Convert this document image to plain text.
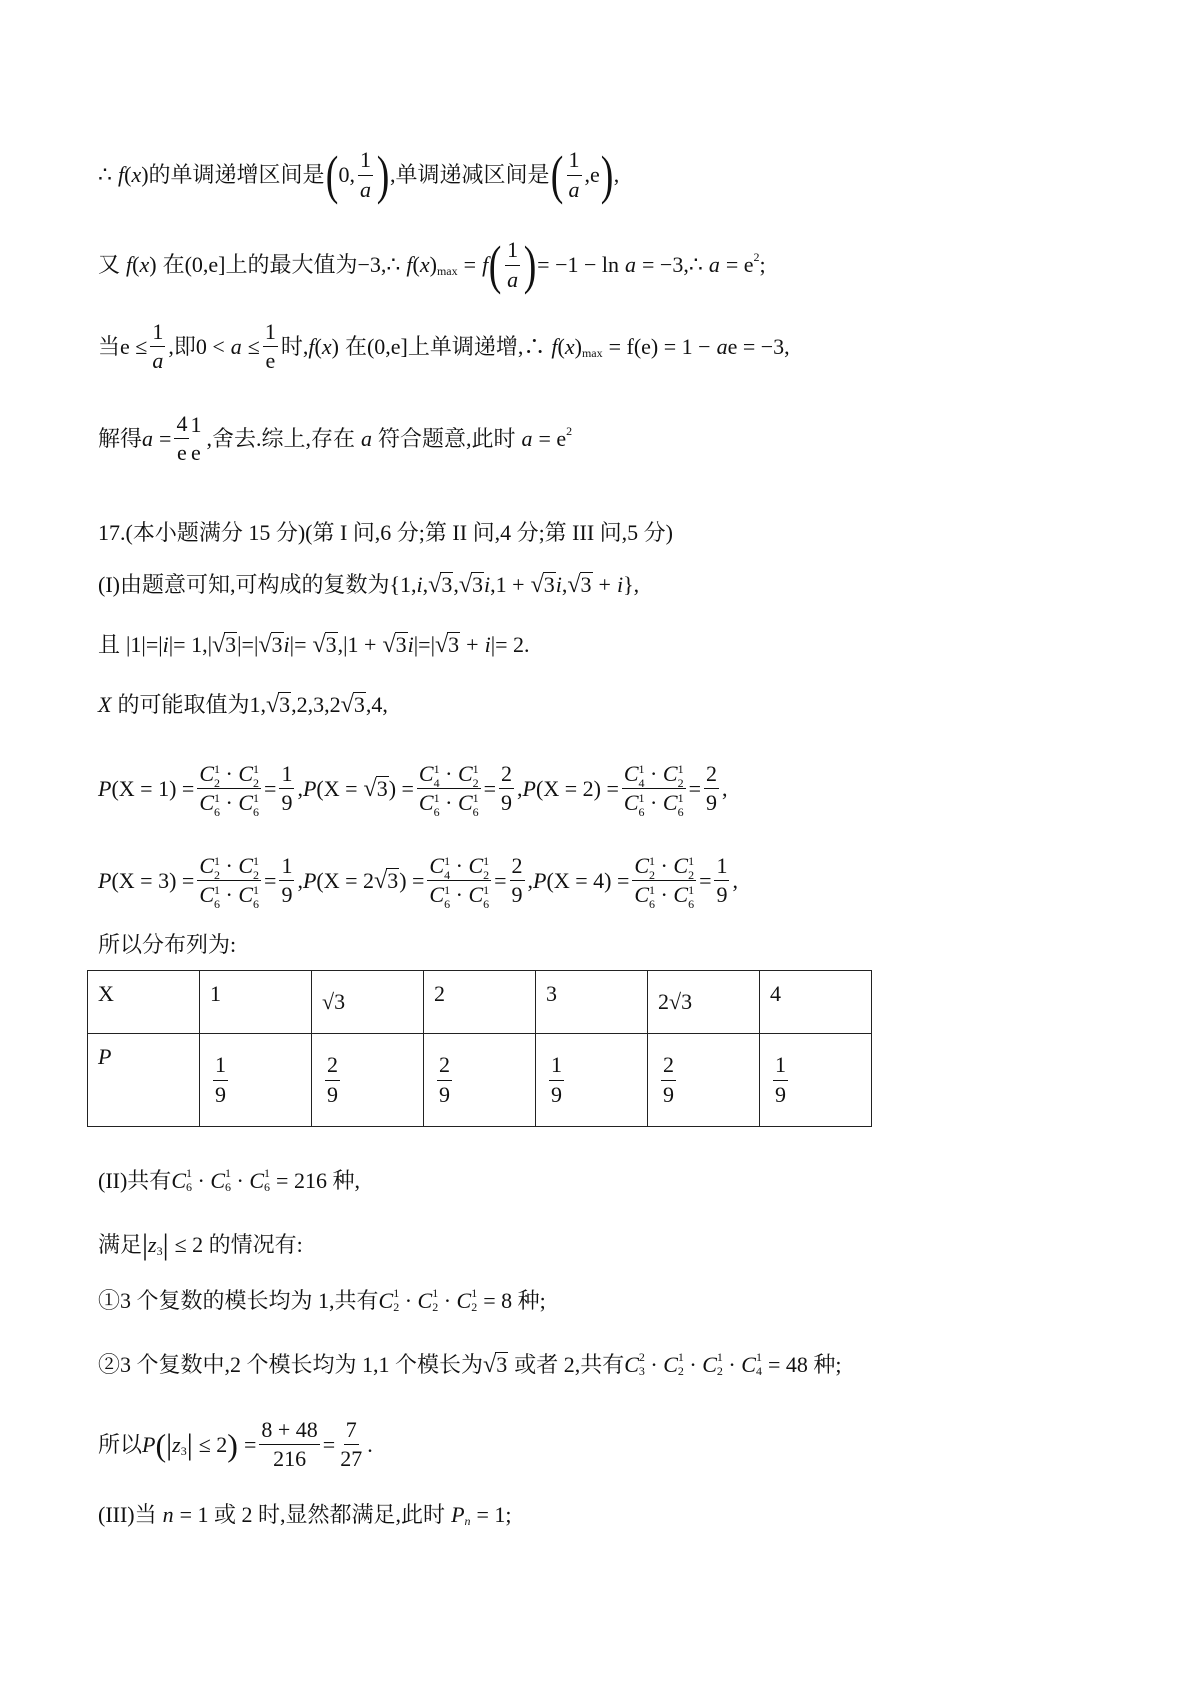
∴ f ( x ) 的单调递增区间是 ( 0, $\frac{1}{a}$ ) ,单调递减区间是 ( $\frac{1}{a} ,e$ ) ,
又 f ( x ) 在 (0,e] 上的最大值为 −3,∴ f ( x ) max = f ( $\frac{1}{a}$ ) = −1 − ln a = −3,∴ a = e 2 ;
当 $e \le \frac{1}{a}$ ,即 $0 < a \le \frac{1}{e}$ 时, f ( x ) 在 (0,e] 上单调递增,∴ f ( x ) max = f(e) = 1 − a e = −3 ,
解得 $a = \frac{4}{e} 1$
e
,舍去.综上,存在 a 符合题意,此时 a = e 2
17.(本小题满分 15 分)(第 I 问,6 分;第 II 问,4 分;第 III 问,5 分)
(I)由题意可知,可构成的复数为 {1, i , √ 3 , √ 3 i , 1 + √ 3 i , √ 3 + i } ,
且 |1|=| i |= 1,| √ 3 |=| √ 3 i |= √ 3 ,|1 + √ 3 i |=| √ 3 + i |= 2.
X 的可能取值为 1, √ 3 ,2,3,2 √ 3 ,4 ,
P $(X = 1) = \frac{C_2^1 \cdot C_2^1}{C_6^1 \cdot C_6^1} = \frac{1}{9}$ , P (X = √ 3 ) = $\frac{C_4^1 \cdot C_2^1}{C_6^1 \cdot C_6^1} = \frac{2}{9}$ , P $(X = 2) = \frac{C_4^1 \cdot C_2^1}{C_6^1 \cdot C_6^1} = \frac{2}{9}$ ,
P $(X = 3) = \frac{C_2^1 \cdot C_2^1}{C_6^1 \cdot C_6^1} = \frac{1}{9}$ , P (X = 2 √ 3 ) = $\frac{C_4^1 \cdot C_2^1}{C_6^1 \cdot C_6^1} = \frac{2}{9}$ , P $(X = 4) = \frac{C_2^1 \cdot C_2^1}{C_6^1 \cdot C_6^1} = \frac{1}{9}$ ,
所以分布列为:
X	1	√3	2	3	2√3	4
P	$\frac{1}{9}$	$\frac{2}{9}$	$\frac{2}{9}$	$\frac{1}{9}$	$\frac{2}{9}$	$\frac{1}{9}$
(II)共有 C 6
1 · C 6
1 · C 6
1 = 216 种,
满足 | z 3 | ≤ 2 的情况有:
①3 个复数的模长均为 1,共有 C 2
1 · C 2
1 · C 2
1 = 8 种;
②3 个复数中,2 个模长均为 1,1 个模长为 √ 3 或者 2,共有 C 3
2 · C 2
1 · C 2
1 · C 4
1 = 48 种;
所以 P ( | z 3 | ≤ 2 ) = $\frac{8 + 48}{216} = \frac{7}{27}$ .
(III)当 n = 1 或 2 时,显然都满足,此时 P n = 1;
